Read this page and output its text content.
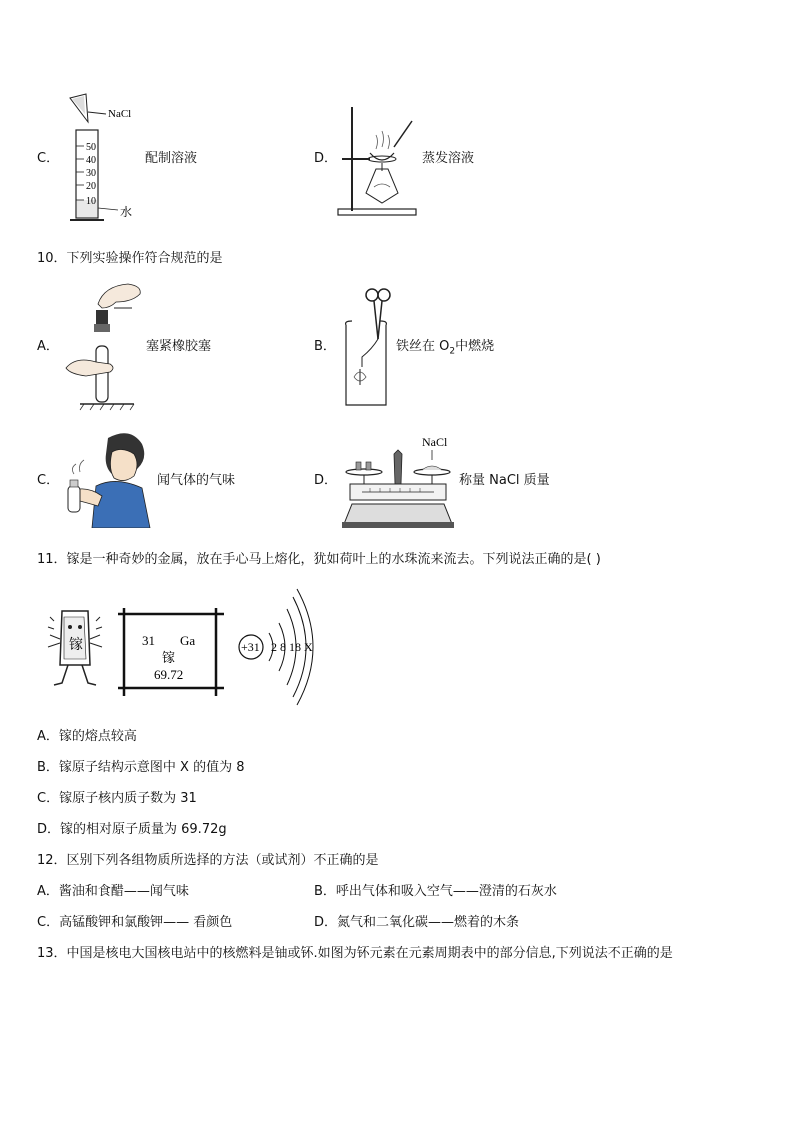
C．
NaCl
50
40
30
20
10
水
配制溶液	D．	蒸发溶液
10．下列实验操作符合规范的是
A．	塞紧橡胶塞	B．	铁丝在 $O_2$中燃烧
C．	闻气体的气味	D．
NaCl
称量 NaCl 质量
11．镓是一种奇妙的金属，放在手心马上熔化，犹如荷叶上的水珠流来流去。下列说法正确的是( )
镓	31 Ga
镓
69.72
+31 2 8 18 X
A．镓的熔点较高
B．镓原子结构示意图中 X 的值为 8
C．镓原子核内质子数为 31
D．镓的相对原子质量为 69.72g
12．区别下列各组物质所选择的方法（或试剂）不正确的是
A．酱油和食醋——闻气味	B．呼出气体和吸入空气——澄清的石灰水
C．高锰酸钾和氯酸钾—— 看颜色	D．氮气和二氧化碳——燃着的木条
13．中国是核电大国核电站中的核燃料是铀或钚.如图为钚元素在元素周期表中的部分信息,下列说法不正确的是
